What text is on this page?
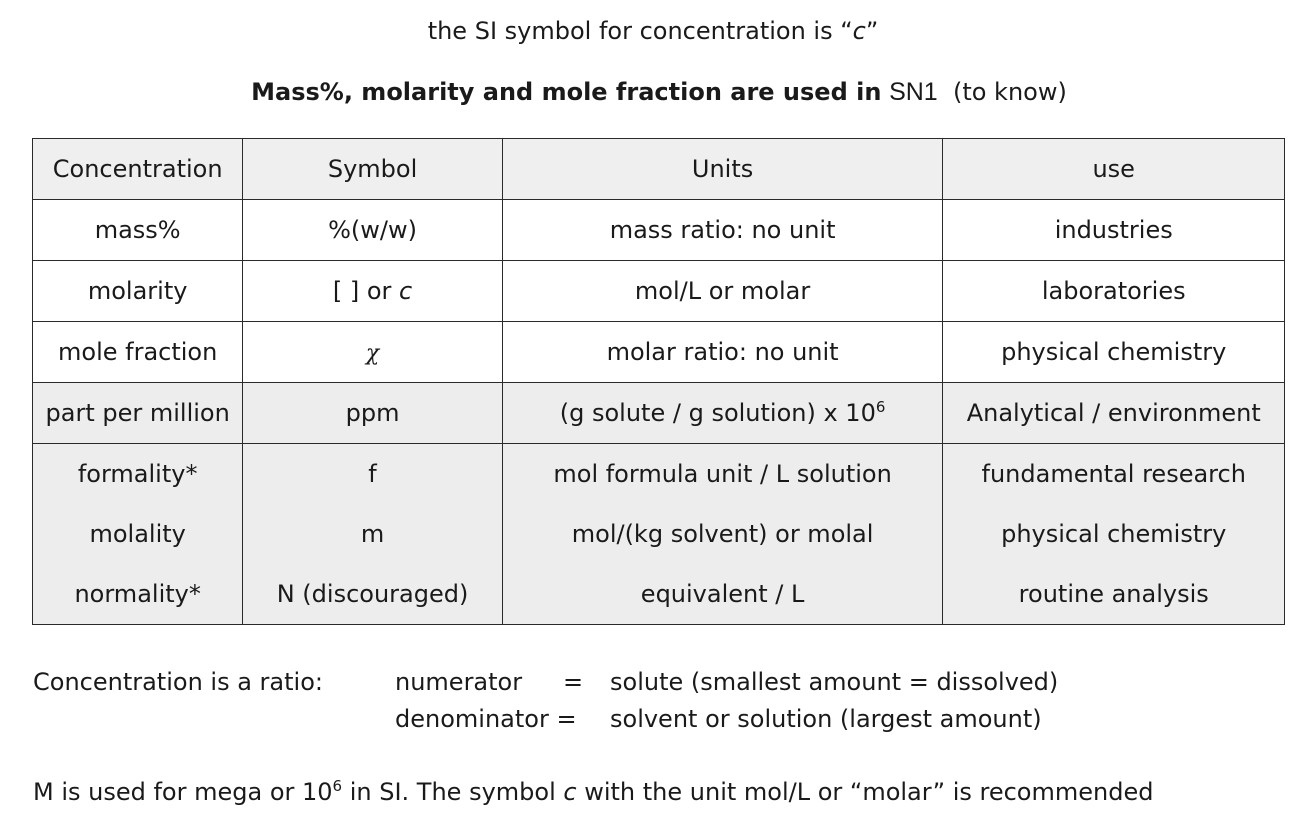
the SI symbol for concentration is “c”
Mass%, molarity and mole fraction are used in SN1 (to know)
Concentration	Symbol	Units	use
mass%	%(w/w)	mass ratio: no unit	industries
molarity	[ ] or c	mol/L or molar	laboratories
mole fraction	χ	molar ratio: no unit	physical chemistry
part per million	ppm	(g solute / g solution) x $10^6$	Analytical / environment
formality*	f	mol formula unit / L solution	fundamental research
molality	m	mol/(kg solvent) or molal	physical chemistry
normality*	N (discouraged)	equivalent / L	routine analysis
Concentration is a ratio:	numerator = solute (smallest amount = dissolved)
denominator = solvent or solution (largest amount)
M is used for mega or $10^6$ in SI. The symbol c with the unit mol/L or “molar” is recommended
